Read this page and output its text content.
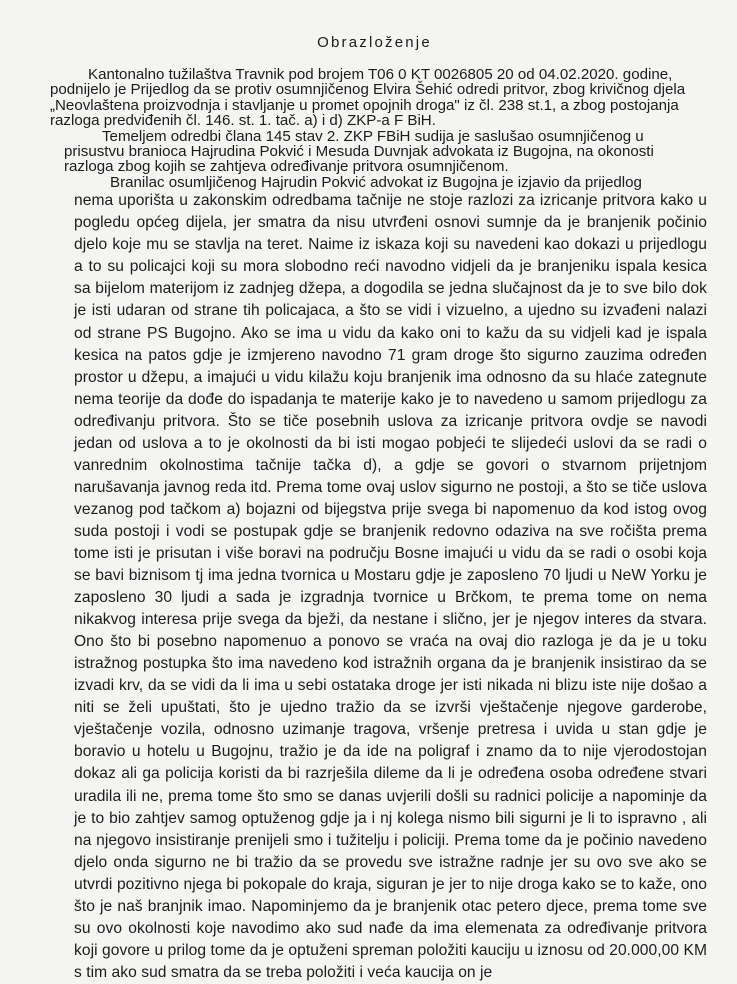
Obrazloženje

Kantonalno tužilaštva Travnik pod brojem T06 0 KT 0026805 20 od 04.02.2020. godine, podnijelo je Prijedlog da se protiv osumnjičenog Elvira Šehić odredi pritvor, zbog krivičnog djela „Neovlaštena proizvodnja i stavljanje u promet opojnih droga" iz čl. 238 st.1, a zbog postojanja razloga predviđenih čl. 146. st. 1. tač. a) i d) ZKP-a F BiH.

Temeljem odredbi člana 145 stav 2. ZKP FBiH sudija je saslušao osumnjičenog u prisustvu branioca Hajrudina Pokvić i Mesuda Duvnjak advokata iz Bugojna, na okonosti razloga zbog kojih se zahtjeva određivanje pritvora osumnjičenom.

Branilac osumljičenog Hajrudin Pokvić advokat iz Bugojna je izjavio da prijedlog

nema uporišta u zakonskim odredbama tačnije ne stoje razlozi za izricanje pritvora kako u pogledu općeg dijela, jer smatra da nisu utvrđeni osnovi sumnje da je branjenik počinio djelo koje mu se stavlja na teret. Naime iz iskaza koji su navedeni kao dokazi u prijedlogu a to su policajci koji su mora slobodno reći navodno vidjeli da je branjeniku ispala kesica sa bijelom materijom iz zadnjeg džepa, a dogodila se jedna slučajnost da je to sve bilo dok je isti udaran od strane tih policajaca, a što se vidi i vizuelno, a ujedno su izvađeni nalazi od strane PS Bugojno. Ako se ima u vidu da kako oni to kažu da su vidjeli kad je ispala kesica na patos gdje je izmjereno navodno 71 gram droge što sigurno zauzima određen prostor u džepu, a imajući u vidu kilažu koju branjenik ima odnosno da su hlaće zategnute nema teorije da dođe do ispadanja te materije kako je to navedeno u samom prijedlogu za određivanju pritvora. Što se tiče posebnih uslova za izricanje pritvora ovdje se navodi jedan od uslova a to je okolnosti da bi isti mogao pobjeći te slijedeći uslovi da se radi o vanrednim okolnostima tačnije tačka d), a gdje se govori o stvarnom prijetnjom narušavanja javnog reda itd. Prema tome ovaj uslov sigurno ne postoji, a što se tiče uslova vezanog pod tačkom a) bojazni od bijegstva prije svega bi napomenuo da kod istog ovog suda postoji i vodi se postupak gdje se branjenik redovno odaziva na sve ročišta prema tome isti je prisutan i više boravi na području Bosne imajući u vidu da se radi o osobi koja se bavi biznisom tj ima jedna tvornica u Mostaru gdje je zaposleno 70 ljudi u NeW Yorku je zaposleno 30 ljudi a sada je izgradnja tvornice u Brčkom, te prema tome on nema nikakvog interesa prije svega da bježi, da nestane i slično, jer je njegov interes da stvara. Ono što bi posebno napomenuo a ponovo se vraća na ovaj dio razloga je da je u toku istražnog postupka što ima navedeno kod istražnih organa da je branjenik insistirao da se izvadi krv, da se vidi da li ima u sebi ostataka droge jer isti nikada ni blizu iste nije došao a niti se želi upuštati, što je ujedno tražio da se izvrši vještačenje njegove garderobe, vještačenje vozila, odnosno uzimanje tragova, vršenje pretresa i uvida u stan gdje je boravio u hotelu u Bugojnu, tražio je da ide na poligraf i znamo da to nije vjerodostojan dokaz ali ga policija koristi da bi razrješila dileme da li je određena osoba određene stvari uradila ili ne, prema tome što smo se danas uvjerili došli su radnici policije a napominje da je to bio zahtjev samog optuženog gdje ja i nj kolega nismo bili sigurni je li to ispravno , ali na njegovo insistiranje prenijeli smo i tužitelju i policiji. Prema tome da je počinio navedeno djelo onda sigurno ne bi tražio da se provedu sve istražne radnje jer su ovo sve ako se utvrdi pozitivno njega bi pokopale do kraja, siguran je jer to nije droga kako se to kaže, ono što je naš branjnik imao. Napominjemo da je branjenik otac petero djece, prema tome sve su ovo okolnosti koje navodimo ako sud nađe da ima elemenata za određivanje pritvora koji govore u prilog tome da je optuženi spreman položiti kauciju u iznosu od 20.000,00 KM s tim ako sud smatra da se treba položiti i veća kaucija on je
